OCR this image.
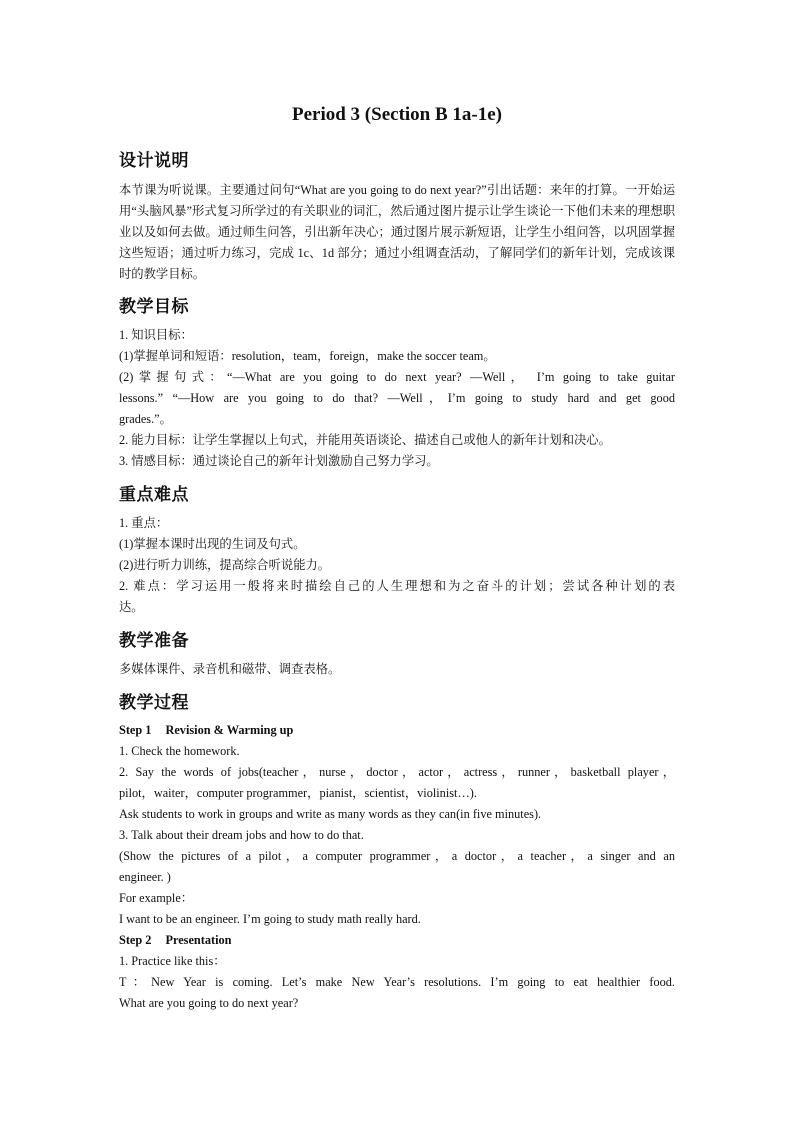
Period 3 (Section B 1a-1e)
设计说明
本节课为听说课。主要通过问句“What are you going to do next year?”引出话题：来年的打算。一开始运用“头脑风暴”形式复习所学过的有关职业的词汇，然后通过图片提示让学生谈论一下他们未来的理想职业以及如何去做。通过师生问答，引出新年决心；通过图片展示新短语，让学生小组问答，以巩固掌握这些短语；通过听力练习，完成 1c、1d 部分；通过小组调查活动，了解同学们的新年计划，完成该课时的教学目标。
教学目标
1. 知识目标：
(1)掌握单词和短语：resolution，team，foreign，make the soccer team。
(2)掌握句式：“—What are you going to do next year? —Well， I’m going to take guitar
lessons.” “—How are you going to do that? —Well，I’m going to study hard and get good
grades.”。
2. 能力目标：让学生掌握以上句式，并能用英语谈论、描述自己或他人的新年计划和决心。
3. 情感目标：通过谈论自己的新年计划激励自己努力学习。
重点难点
1. 重点：
(1)掌握本课时出现的生词及句式。
(2)进行听力训练，提高综合听说能力。
2. 难点：学习运用一般将来时描绘自己的人生理想和为之奋斗的计划；尝试各种计划的表
达。
教学准备
多媒体课件、录音机和磁带、调查表格。
教学过程
Step 1 Revision & Warming up
1. Check the homework.
2. Say the words of jobs(teacher，nurse，doctor，actor，actress，runner，basketball player，
pilot，waiter，computer programmer，pianist，scientist，violinist…).
Ask students to work in groups and write as many words as they can(in five minutes).
3. Talk about their dream jobs and how to do that.
(Show the pictures of a pilot，a computer programmer，a doctor，a teacher，a singer and an
engineer. )
For example：
I want to be an engineer. I’m going to study math really hard.
Step 2 Presentation
1. Practice like this：
T：New Year is coming. Let’s make New Year’s resolutions. I’m going to eat healthier food.
What are you going to do next year?
